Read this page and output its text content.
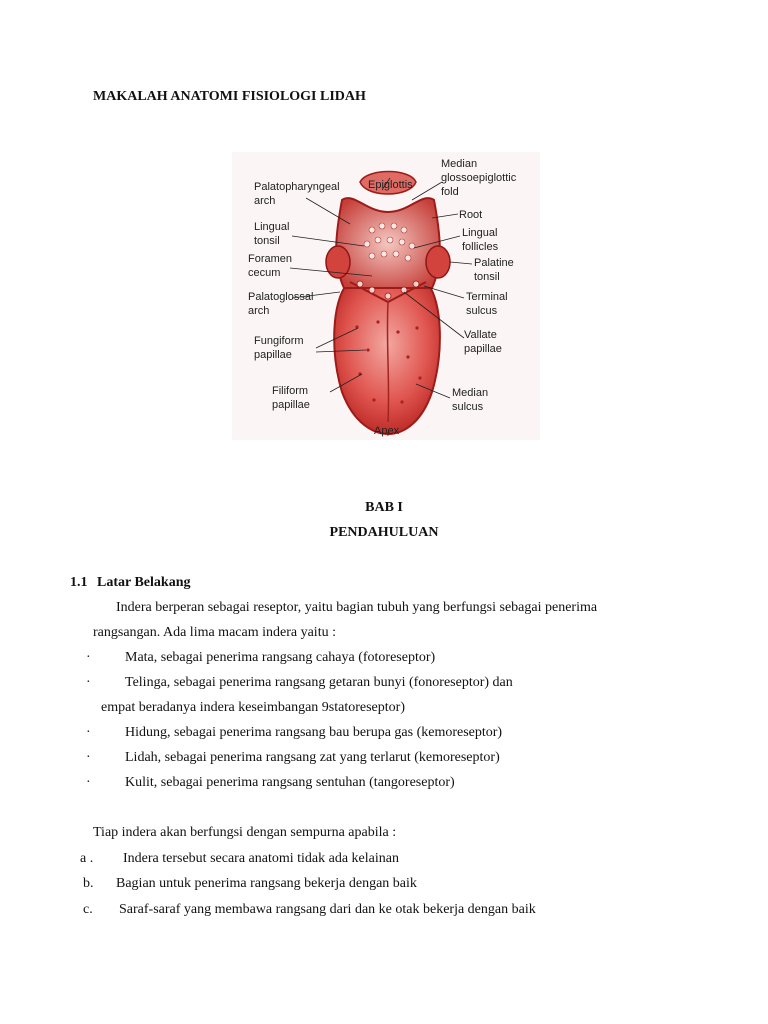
MAKALAH ANATOMI FISIOLOGI LIDAH
Palatopharyngeal
arch
Epiglottis
Median
glossoepiglottic
fold
Root
Lingual
tonsil
Lingual
follicles
Foramen
cecum
Palatine
tonsil
Palatoglossal
arch
Terminal
sulcus
Fungiform
papillae
Vallate
papillae
Filiform
papillae
Median
sulcus
Apex
BAB I
PENDAHULUAN
1.1 Latar Belakang
Indera berperan sebagai reseptor, yaitu bagian tubuh yang berfungsi sebagai penerima
rangsangan. Ada lima macam indera yaitu :
· Mata, sebagai penerima rangsang cahaya (fotoreseptor)
· Telinga, sebagai penerima rangsang getaran bunyi (fonoreseptor) dan
empat beradanya indera keseimbangan 9statoreseptor)
· Hidung, sebagai penerima rangsang bau berupa gas (kemoreseptor)
· Lidah, sebagai penerima rangsang zat yang terlarut (kemoreseptor)
· Kulit, sebagai penerima rangsang sentuhan (tangoreseptor)
Tiap indera akan berfungsi dengan sempurna apabila :
a . Indera tersebut secara anatomi tidak ada kelainan
b. Bagian untuk penerima rangsang bekerja dengan baik
c. Saraf-saraf yang membawa rangsang dari dan ke otak bekerja dengan baik
